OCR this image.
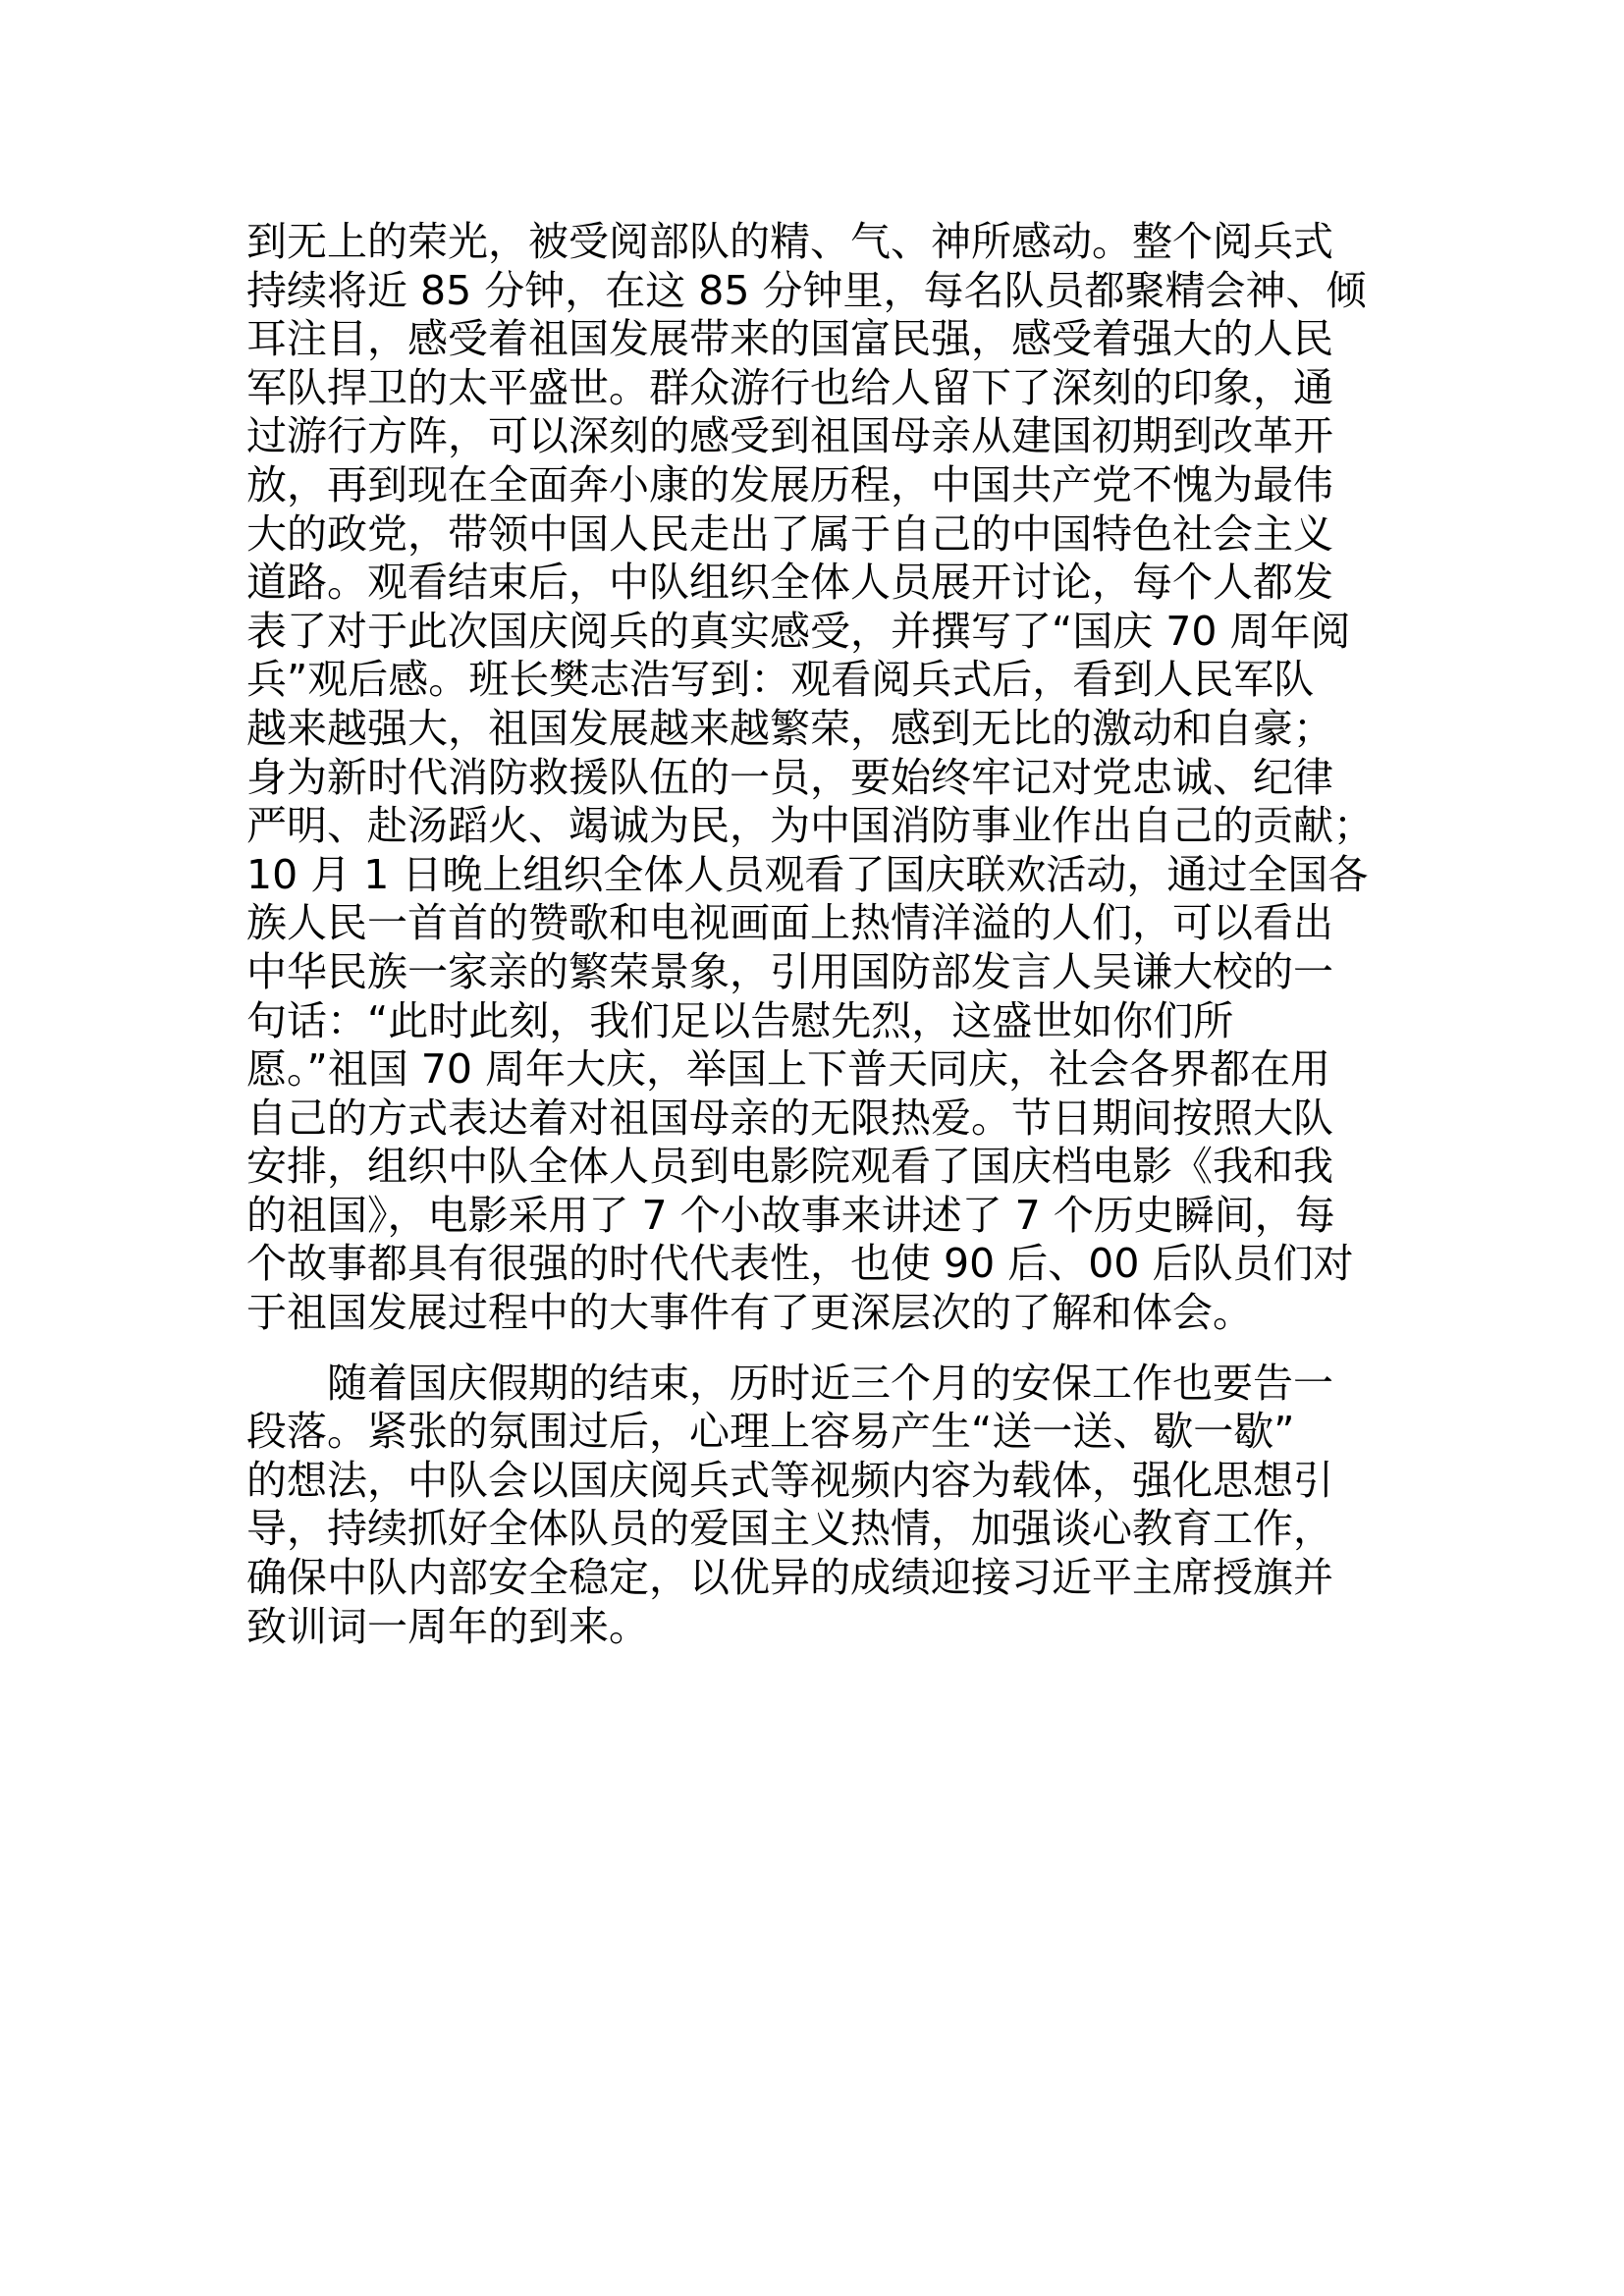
到无上的荣光，被受阅部队的精、气、神所感动。整个阅兵式
持续将近 85 分钟，在这 85 分钟里，每名队员都聚精会神、倾
耳注目，感受着祖国发展带来的国富民强，感受着强大的人民
军队捍卫的太平盛世。群众游行也给人留下了深刻的印象，通
过游行方阵，可以深刻的感受到祖国母亲从建国初期到改革开
放，再到现在全面奔小康的发展历程，中国共产党不愧为最伟
大的政党，带领中国人民走出了属于自己的中国特色社会主义
道路。观看结束后，中队组织全体人员展开讨论，每个人都发
表了对于此次国庆阅兵的真实感受，并撰写了“国庆 70 周年阅
兵”观后感。班长樊志浩写到：观看阅兵式后，看到人民军队
越来越强大，祖国发展越来越繁荣，感到无比的激动和自豪；
身为新时代消防救援队伍的一员，要始终牢记对党忠诚、纪律
严明、赴汤蹈火、竭诚为民，为中国消防事业作出自己的贡献；
10 月 1 日晚上组织全体人员观看了国庆联欢活动，通过全国各
族人民一首首的赞歌和电视画面上热情洋溢的人们，可以看出
中华民族一家亲的繁荣景象，引用国防部发言人吴谦大校的一
句话：“此时此刻，我们足以告慰先烈，这盛世如你们所
愿。”祖国 70 周年大庆，举国上下普天同庆，社会各界都在用
自己的方式表达着对祖国母亲的无限热爱。节日期间按照大队
安排，组织中队全体人员到电影院观看了国庆档电影《我和我
的祖国》，电影采用了 7 个小故事来讲述了 7 个历史瞬间，每
个故事都具有很强的时代代表性，也使 90 后、00 后队员们对
于祖国发展过程中的大事件有了更深层次的了解和体会。

　　随着国庆假期的结束，历时近三个月的安保工作也要告一
段落。紧张的氛围过后，心理上容易产生“送一送、歇一歇”
的想法，中队会以国庆阅兵式等视频内容为载体，强化思想引
导，持续抓好全体队员的爱国主义热情，加强谈心教育工作，
确保中队内部安全稳定，以优异的成绩迎接习近平主席授旗并
致训词一周年的到来。
